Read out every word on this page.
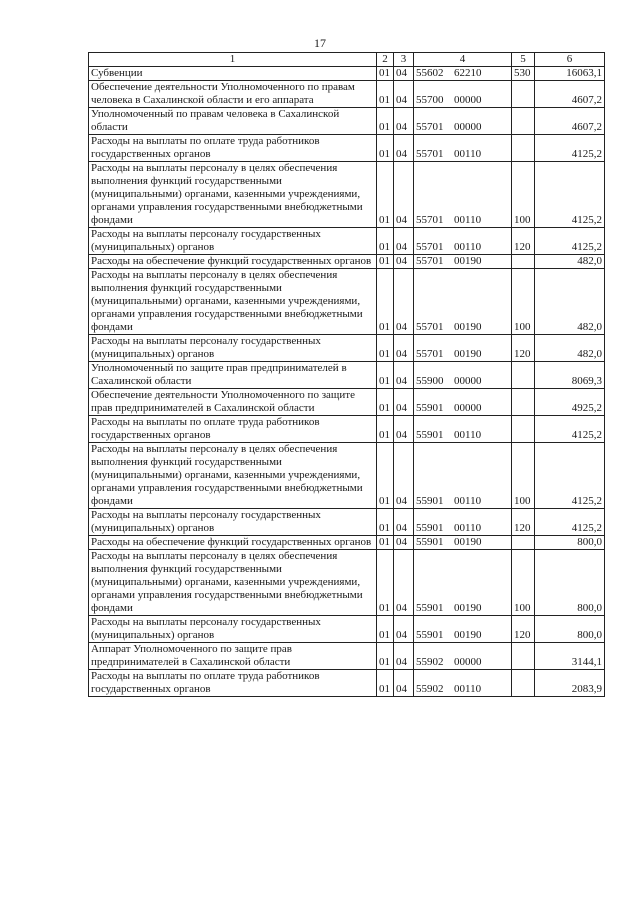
17
1	2	3	4	5	6
Субвенции	01	04	55602 62210	530	16063,1
Обеспечение деятельности Уполномоченного по правам человека в Сахалинской области и его аппарата	01	04	55700 00000		4607,2
Уполномоченный по правам человека в Сахалинской области	01	04	55701 00000		4607,2
Расходы на выплаты по оплате труда работников государственных органов	01	04	55701 00110		4125,2
Расходы на выплаты персоналу в целях обеспечения выполнения функций государственными (муниципальными) органами, казенными учреждениями, органами управления государственными внебюджетными фондами	01	04	55701 00110	100	4125,2
Расходы на выплаты персоналу государственных (муниципальных) органов	01	04	55701 00110	120	4125,2
Расходы на обеспечение функций государственных органов	01	04	55701 00190		482,0
Расходы на выплаты персоналу в целях обеспечения выполнения функций государственными (муниципальными) органами, казенными учреждениями, органами управления государственными внебюджетными фондами	01	04	55701 00190	100	482,0
Расходы на выплаты персоналу государственных (муниципальных) органов	01	04	55701 00190	120	482,0
Уполномоченный по защите прав предпринимателей в Сахалинской области	01	04	55900 00000		8069,3
Обеспечение деятельности Уполномоченного по защите прав предпринимателей в Сахалинской области	01	04	55901 00000		4925,2
Расходы на выплаты по оплате труда работников государственных органов	01	04	55901 00110		4125,2
Расходы на выплаты персоналу в целях обеспечения выполнения функций государственными (муниципальными) органами, казенными учреждениями, органами управления государственными внебюджетными фондами	01	04	55901 00110	100	4125,2
Расходы на выплаты персоналу государственных (муниципальных) органов	01	04	55901 00110	120	4125,2
Расходы на обеспечение функций государственных органов	01	04	55901 00190		800,0
Расходы на выплаты персоналу в целях обеспечения выполнения функций государственными (муниципальными) органами, казенными учреждениями, органами управления государственными внебюджетными фондами	01	04	55901 00190	100	800,0
Расходы на выплаты персоналу государственных (муниципальных) органов	01	04	55901 00190	120	800,0
Аппарат Уполномоченного по защите прав предпринимателей в Сахалинской области	01	04	55902 00000		3144,1
Расходы на выплаты по оплате труда работников государственных органов	01	04	55902 00110		2083,9
